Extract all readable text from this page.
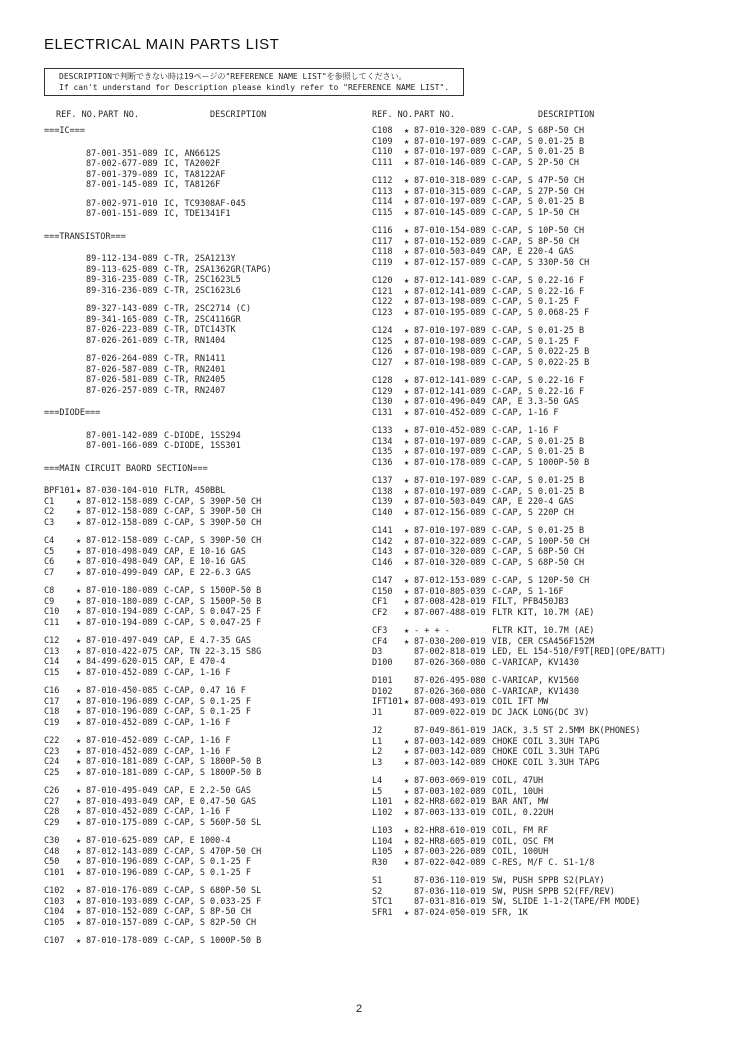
ELECTRICAL MAIN PARTS LIST
DESCRIPTIONで判断できない時は19ページの"REFERENCE NAME LIST"を参照してください。
If can't understand for Description please kindly refer to "REFERENCE NAME LIST".
REF. NO. PART NO.	DESCRIPTION	REF. NO. PART NO.	DESCRIPTION
===IC===
87-001-351-089 IC, AN6612S
87-002-677-089 IC, TA2002F
87-001-379-089 IC, TA8122AF
87-001-145-089 IC, TA8126F
87-002-971-010 IC, TC9308AF-045
87-001-151-089 IC, TDE1341F1
===TRANSISTOR===
89-112-134-089 C-TR, 2SA1213Y
89-113-625-089 C-TR, 2SA1362GR(TAPG)
89-316-235-089 C-TR, 2SC1623L5
89-316-236-089 C-TR, 2SC1623L6
89-327-143-089 C-TR, 2SC2714 (C)
89-341-165-089 C-TR, 2SC4116GR
87-026-223-089 C-TR, DTC143TK
87-026-261-089 C-TR, RN1404
87-026-264-089 C-TR, RN1411
87-026-587-089 C-TR, RN2401
87-026-581-089 C-TR, RN2405
87-026-257-089 C-TR, RN2407
===DIODE===
87-001-142-089 C-DIODE, 1SS294
87-001-166-089 C-DIODE, 1SS301
===MAIN CIRCUIT BAORD SECTION===
BPF101 ★ 87-030-104-010 FLTR, 450BBL
C1	★ 87-012-158-089 C-CAP, S 390P-50 CH
C2	★ 87-012-158-089 C-CAP, S 390P-50 CH
C3	★ 87-012-158-089 C-CAP, S 390P-50 CH
C4	★ 87-012-158-089 C-CAP, S 390P-50 CH
C5	★ 87-010-498-049 CAP, E 10-16 GAS
C6	★ 87-010-498-049 CAP, E 10-16 GAS
C7	★ 87-010-499-049 CAP, E 22-6.3 GAS
C8	★ 87-010-180-089 C-CAP, S 1500P-50 B
C9	★ 87-010-180-089 C-CAP, S 1500P-50 B
C10 ★ 87-010-194-089 C-CAP, S 0.047-25 F
C11 ★ 87-010-194-089 C-CAP, S 0.047-25 F
C12 ★ 87-010-497-049 CAP, E 4.7-35 GAS
C13 ★ 87-010-422-075 CAP, TN 22-3.15 S8G
C14 ★ 84-499-620-015 CAP, E 470-4
C15 ★ 87-010-452-089 C-CAP, 1-16 F
C16 ★ 87-010-450-085 C-CAP, 0.47 16 F
C17 ★ 87-010-196-089 C-CAP, S 0.1-25 F
C18 ★ 87-010-196-089 C-CAP, S 0.1-25 F
C19 ★ 87-010-452-089 C-CAP, 1-16 F
C22 ★ 87-010-452-089 C-CAP, 1-16 F
C23 ★ 87-010-452-089 C-CAP, 1-16 F
C24 ★ 87-010-181-089 C-CAP, S 1800P-50 B
C25 ★ 87-010-181-089 C-CAP, S 1800P-50 B
C26 ★ 87-010-495-049 CAP, E 2.2-50 GAS
C27 ★ 87-010-493-049 CAP, E 0.47-50 GAS
C28 ★ 87-010-452-089 C-CAP, 1-16 F
C29 ★ 87-010-175-089 C-CAP, S 560P-50 SL
C30 ★ 87-010-625-089 CAP, E 1000-4
C48 ★ 87-012-143-089 C-CAP, S 470P-50 CH
C50 ★ 87-010-196-089 C-CAP, S 0.1-25 F
C101 ★ 87-010-196-089 C-CAP, S 0.1-25 F
C102 ★ 87-010-176-089 C-CAP, S 680P-50 SL
C103 ★ 87-010-193-089 C-CAP, S 0.033-25 F
C104 ★ 87-010-152-089 C-CAP, S 8P-50 CH
C105 ★ 87-010-157-089 C-CAP, S 82P-50 CH
C107 ★ 87-010-178-089 C-CAP, S 1000P-50 B
C108 ★ 87-010-320-089 C-CAP, S 68P-50 CH
C109 ★ 87-010-197-089 C-CAP, S 0.01-25 B
C110 ★ 87-010-197-089 C-CAP, S 0.01-25 B
C111 ★ 87-010-146-089 C-CAP, S 2P-50 CH
C112 ★ 87-010-318-089 C-CAP, S 47P-50 CH
C113 ★ 87-010-315-089 C-CAP, S 27P-50 CH
C114 ★ 87-010-197-089 C-CAP, S 0.01-25 B
C115 ★ 87-010-145-089 C-CAP, S 1P-50 CH
C116 ★ 87-010-154-089 C-CAP, S 10P-50 CH
C117 ★ 87-010-152-089 C-CAP, S 8P-50 CH
C118 ★ 87-010-503-049 CAP, E 220-4 GAS
C119 ★ 87-012-157-089 C-CAP, S 330P-50 CH
C120 ★ 87-012-141-089 C-CAP, S 0.22-16 F
C121 ★ 87-012-141-089 C-CAP, S 0.22-16 F
C122 ★ 87-013-198-089 C-CAP, S 0.1-25 F
C123 ★ 87-010-195-089 C-CAP, S 0.068-25 F
C124 ★ 87-010-197-089 C-CAP, S 0.01-25 B
C125 ★ 87-010-198-089 C-CAP, S 0.1-25 F
C126 ★ 87-010-198-089 C-CAP, S 0.022-25 B
C127 ★ 87-010-198-089 C-CAP, S 0.022-25 B
C128 ★ 87-012-141-089 C-CAP, S 0.22-16 F
C129 ★ 87-012-141-089 C-CAP, S 0.22-16 F
C130 ★ 87-010-496-049 CAP, E 3.3-50 GAS
C131 ★ 87-010-452-089 C-CAP, 1-16 F
C133 ★ 87-010-452-089 C-CAP, 1-16 F
C134 ★ 87-010-197-089 C-CAP, S 0.01-25 B
C135 ★ 87-010-197-089 C-CAP, S 0.01-25 B
C136 ★ 87-010-178-089 C-CAP, S 1000P-50 B
C137 ★ 87-010-197-089 C-CAP, S 0.01-25 B
C138 ★ 87-010-197-089 C-CAP, S 0.01-25 B
C139 ★ 87-010-503-049 CAP, E 220-4 GAS
C140 ★ 87-012-156-089 C-CAP, S 220P CH
C141 ★ 87-010-197-089 C-CAP, S 0.01-25 B
C142 ★ 87-010-322-089 C-CAP, S 100P-50 CH
C143 ★ 87-010-320-089 C-CAP, S 68P-50 CH
C146 ★ 87-010-320-089 C-CAP, S 68P-50 CH
C147 ★ 87-012-153-089 C-CAP, S 120P-50 CH
C150 ★ 87-010-805-039 C-CAP, S 1-16F
CF1 ★ 87-008-428-019 FILT, PFB450JB3
CF2 ★ 87-007-488-019 FLTR KIT, 10.7M (AE)
CF3 ★ - + + -	FLTR KIT, 10.7M (AE)
CF4 ★ 87-030-200-019 VIB, CER CSA456F152M
D3	87-002-818-019 LED, EL 154-510/F9T[RED](OPE/BATT)
D100	87-026-360-080 C-VARICAP, KV1430
D101	87-026-495-080 C-VARICAP, KV1560
D102	87-026-360-080 C-VARICAP, KV1430
IFT101 ★ 87-008-493-019 COIL IFT MW
J1	87-009-022-019 DC JACK LONG(DC 3V)
J2	87-049-861-019 JACK, 3.5 ST 2.5MM BK(PHONES)
L1	★ 87-003-142-089 CHOKE COIL 3.3UH TAPG
L2	★ 87-003-142-089 CHOKE COIL 3.3UH TAPG
L3	★ 87-003-142-089 CHOKE COIL 3.3UH TAPG
L4	★ 87-003-069-019 COIL, 47UH
L5	★ 87-003-102-089 COIL, 10UH
L101 ★ 82-HR8-602-019 BAR ANT, MW
L102 ★ 87-003-133-019 COIL, 0.22UH
L103 ★ 82-HR8-610-019 COIL, FM RF
L104 ★ 82-HR8-605-019 COIL, OSC FM
L105 ★ 87-003-226-089 COIL, 100UH
R30 ★ 87-022-042-089 C-RES, M/F C. S1-1/8
S1	87-036-110-019 SW, PUSH SPPB S2(PLAY)
S2	87-036-110-019 SW, PUSH SPPB S2(FF/REV)
STC1	87-031-816-019 SW, SLIDE 1-1-2(TAPE/FM MODE)
SFR1 ★ 87-024-050-019 SFR, 1K
2
